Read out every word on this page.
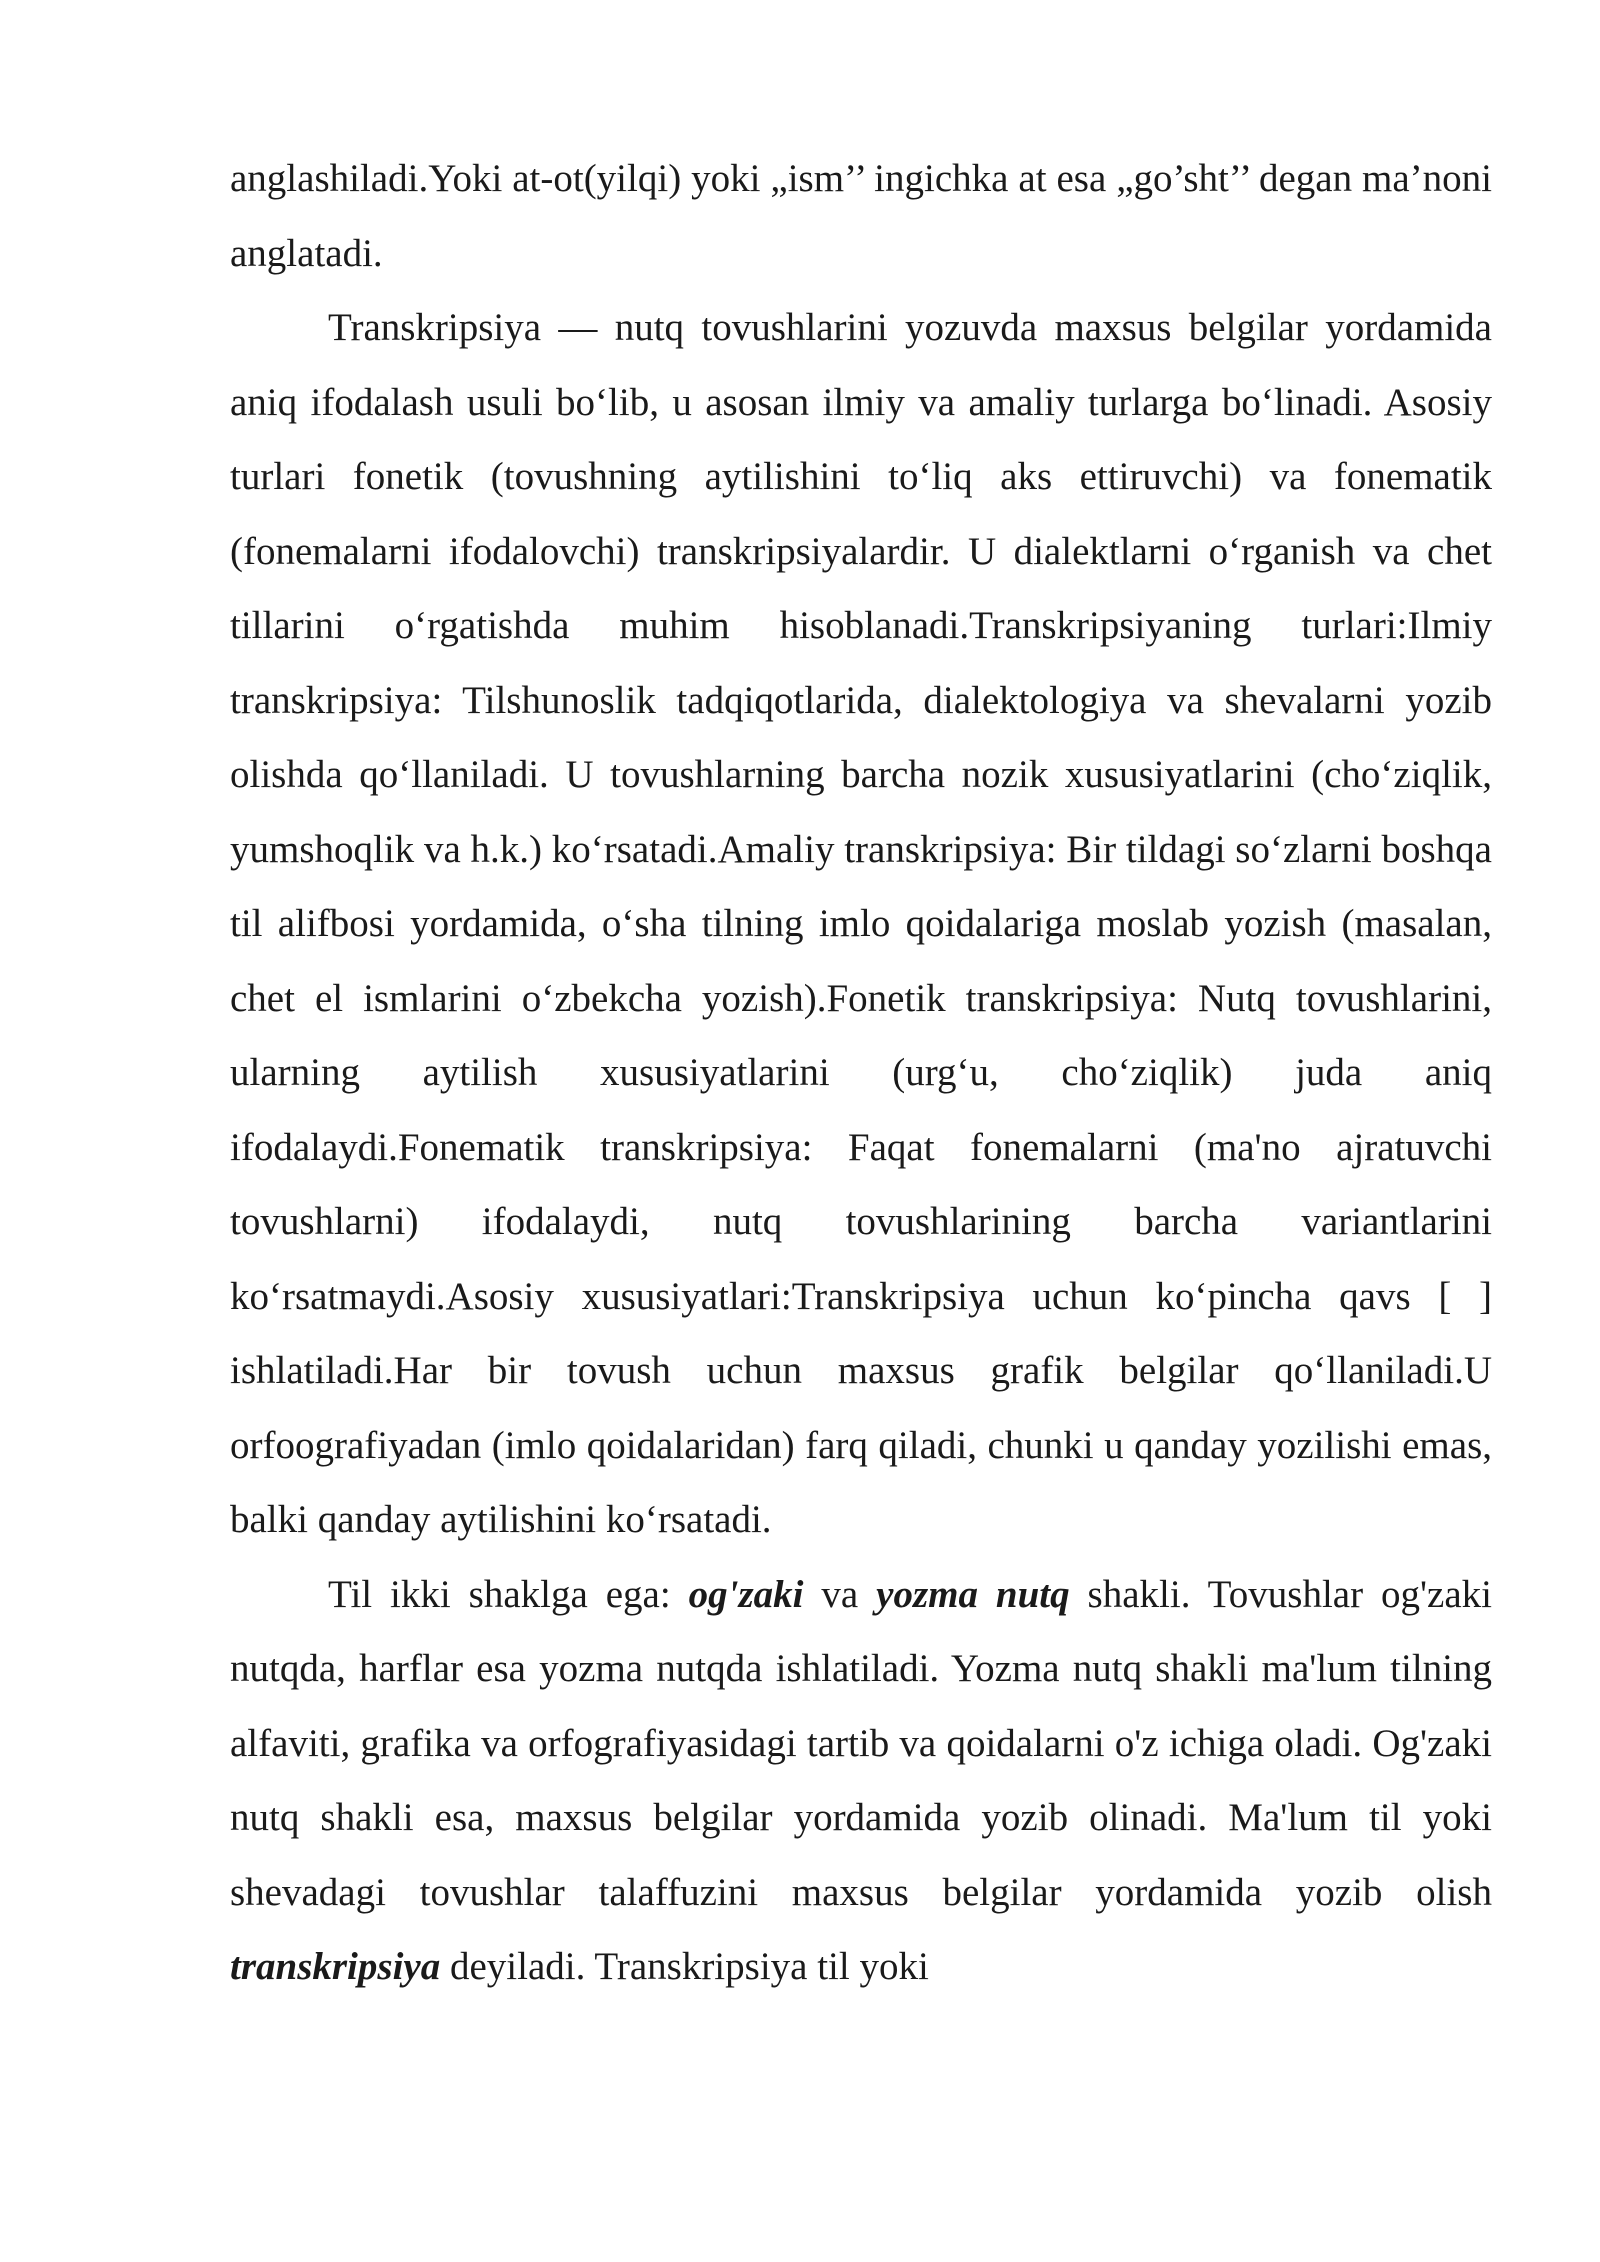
anglashiladi.Yoki at-ot(yilqi) yoki „ism’’ ingichka at esa „go’sht’’ degan ma’noni anglatadi.

Transkripsiya — nutq tovushlarini yozuvda maxsus belgilar yordamida aniq ifodalash usuli bo‘lib, u asosan ilmiy va amaliy turlarga bo‘linadi. Asosiy turlari fonetik (tovushning aytilishini to‘liq aks ettiruvchi) va fonematik (fonemalarni ifodalovchi) transkripsiyalardir. U dialektlarni o‘rganish va chet tillarini o‘rgatishda muhim hisoblanadi.Transkripsiyaning turlari:Ilmiy transkripsiya: Tilshunoslik tadqiqotlarida, dialektologiya va shevalarni yozib olishda qo‘llaniladi. U tovushlarning barcha nozik xususiyatlarini (cho‘ziqlik, yumshoqlik va h.k.) ko‘rsatadi.Amaliy transkripsiya: Bir tildagi so‘zlarni boshqa til alifbosi yordamida, o‘sha tilning imlo qoidalariga moslab yozish (masalan, chet el ismlarini o‘zbekcha yozish).Fonetik transkripsiya: Nutq tovushlarini, ularning aytilish xususiyatlarini (urg‘u, cho‘ziqlik) juda aniq ifodalaydi.Fonematik transkripsiya: Faqat fonemalarni (ma'no ajratuvchi tovushlarni) ifodalaydi, nutq tovushlarining barcha variantlarini ko‘rsatmaydi.Asosiy xususiyatlari:Transkripsiya uchun ko‘pincha qavs [ ] ishlatiladi.Har bir tovush uchun maxsus grafik belgilar qo‘llaniladi.U orfoografiyadan (imlo qoidalaridan) farq qiladi, chunki u qanday yozilishi emas, balki qanday aytilishini ko‘rsatadi.

Til ikki shaklga ega: og'zaki va yozma nutq shakli. Tovushlar og'zaki nutqda, harflar esa yozma nutqda ishlatiladi. Yozma nutq shakli ma'lum tilning alfaviti, grafika va orfografiyasidagi tartib va qoidalarni o'z ichiga oladi. Og'zaki nutq shakli esa, maxsus belgilar yordamida yozib olinadi. Ma'lum til yoki shevadagi tovushlar talaffuzini maxsus belgilar yordamida yozib olish transkripsiya deyiladi. Transkripsiya til yoki
